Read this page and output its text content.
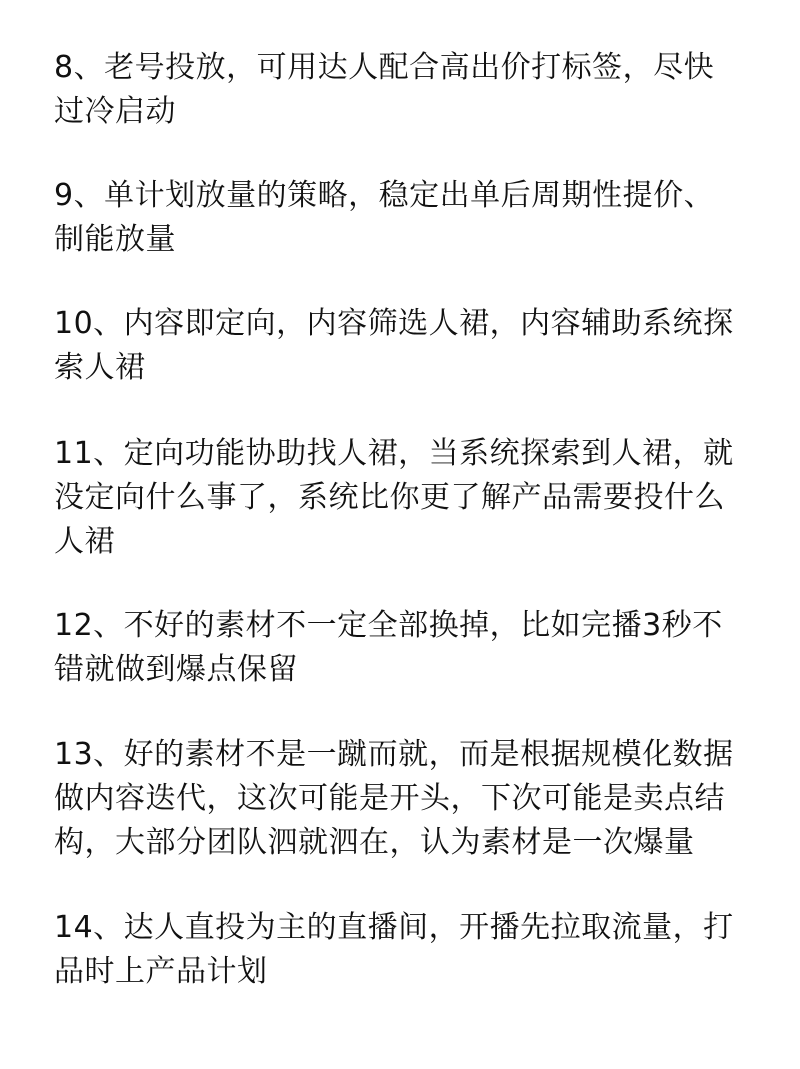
8、老号投放，可用达人配合高出价打标签，尽快
过冷启动

9、单计划放量的策略，稳定出单后周期性提价、
制能放量

10、内容即定向，内容筛选人裙，内容辅助系统探
索人裙

11、定向功能协助找人裙，当系统探索到人裙，就
没定向什么事了，系统比你更了解产品需要投什么
人裙

12、不好的素材不一定全部换掉，比如完播3秒不
错就做到爆点保留

13、好的素材不是一蹴而就，而是根据规模化数据
做内容迭代，这次可能是开头，下次可能是卖点结
构，大部分团队泗就泗在，认为素材是一次爆量

14、达人直投为主的直播间，开播先拉取流量，打
品时上产品计划
